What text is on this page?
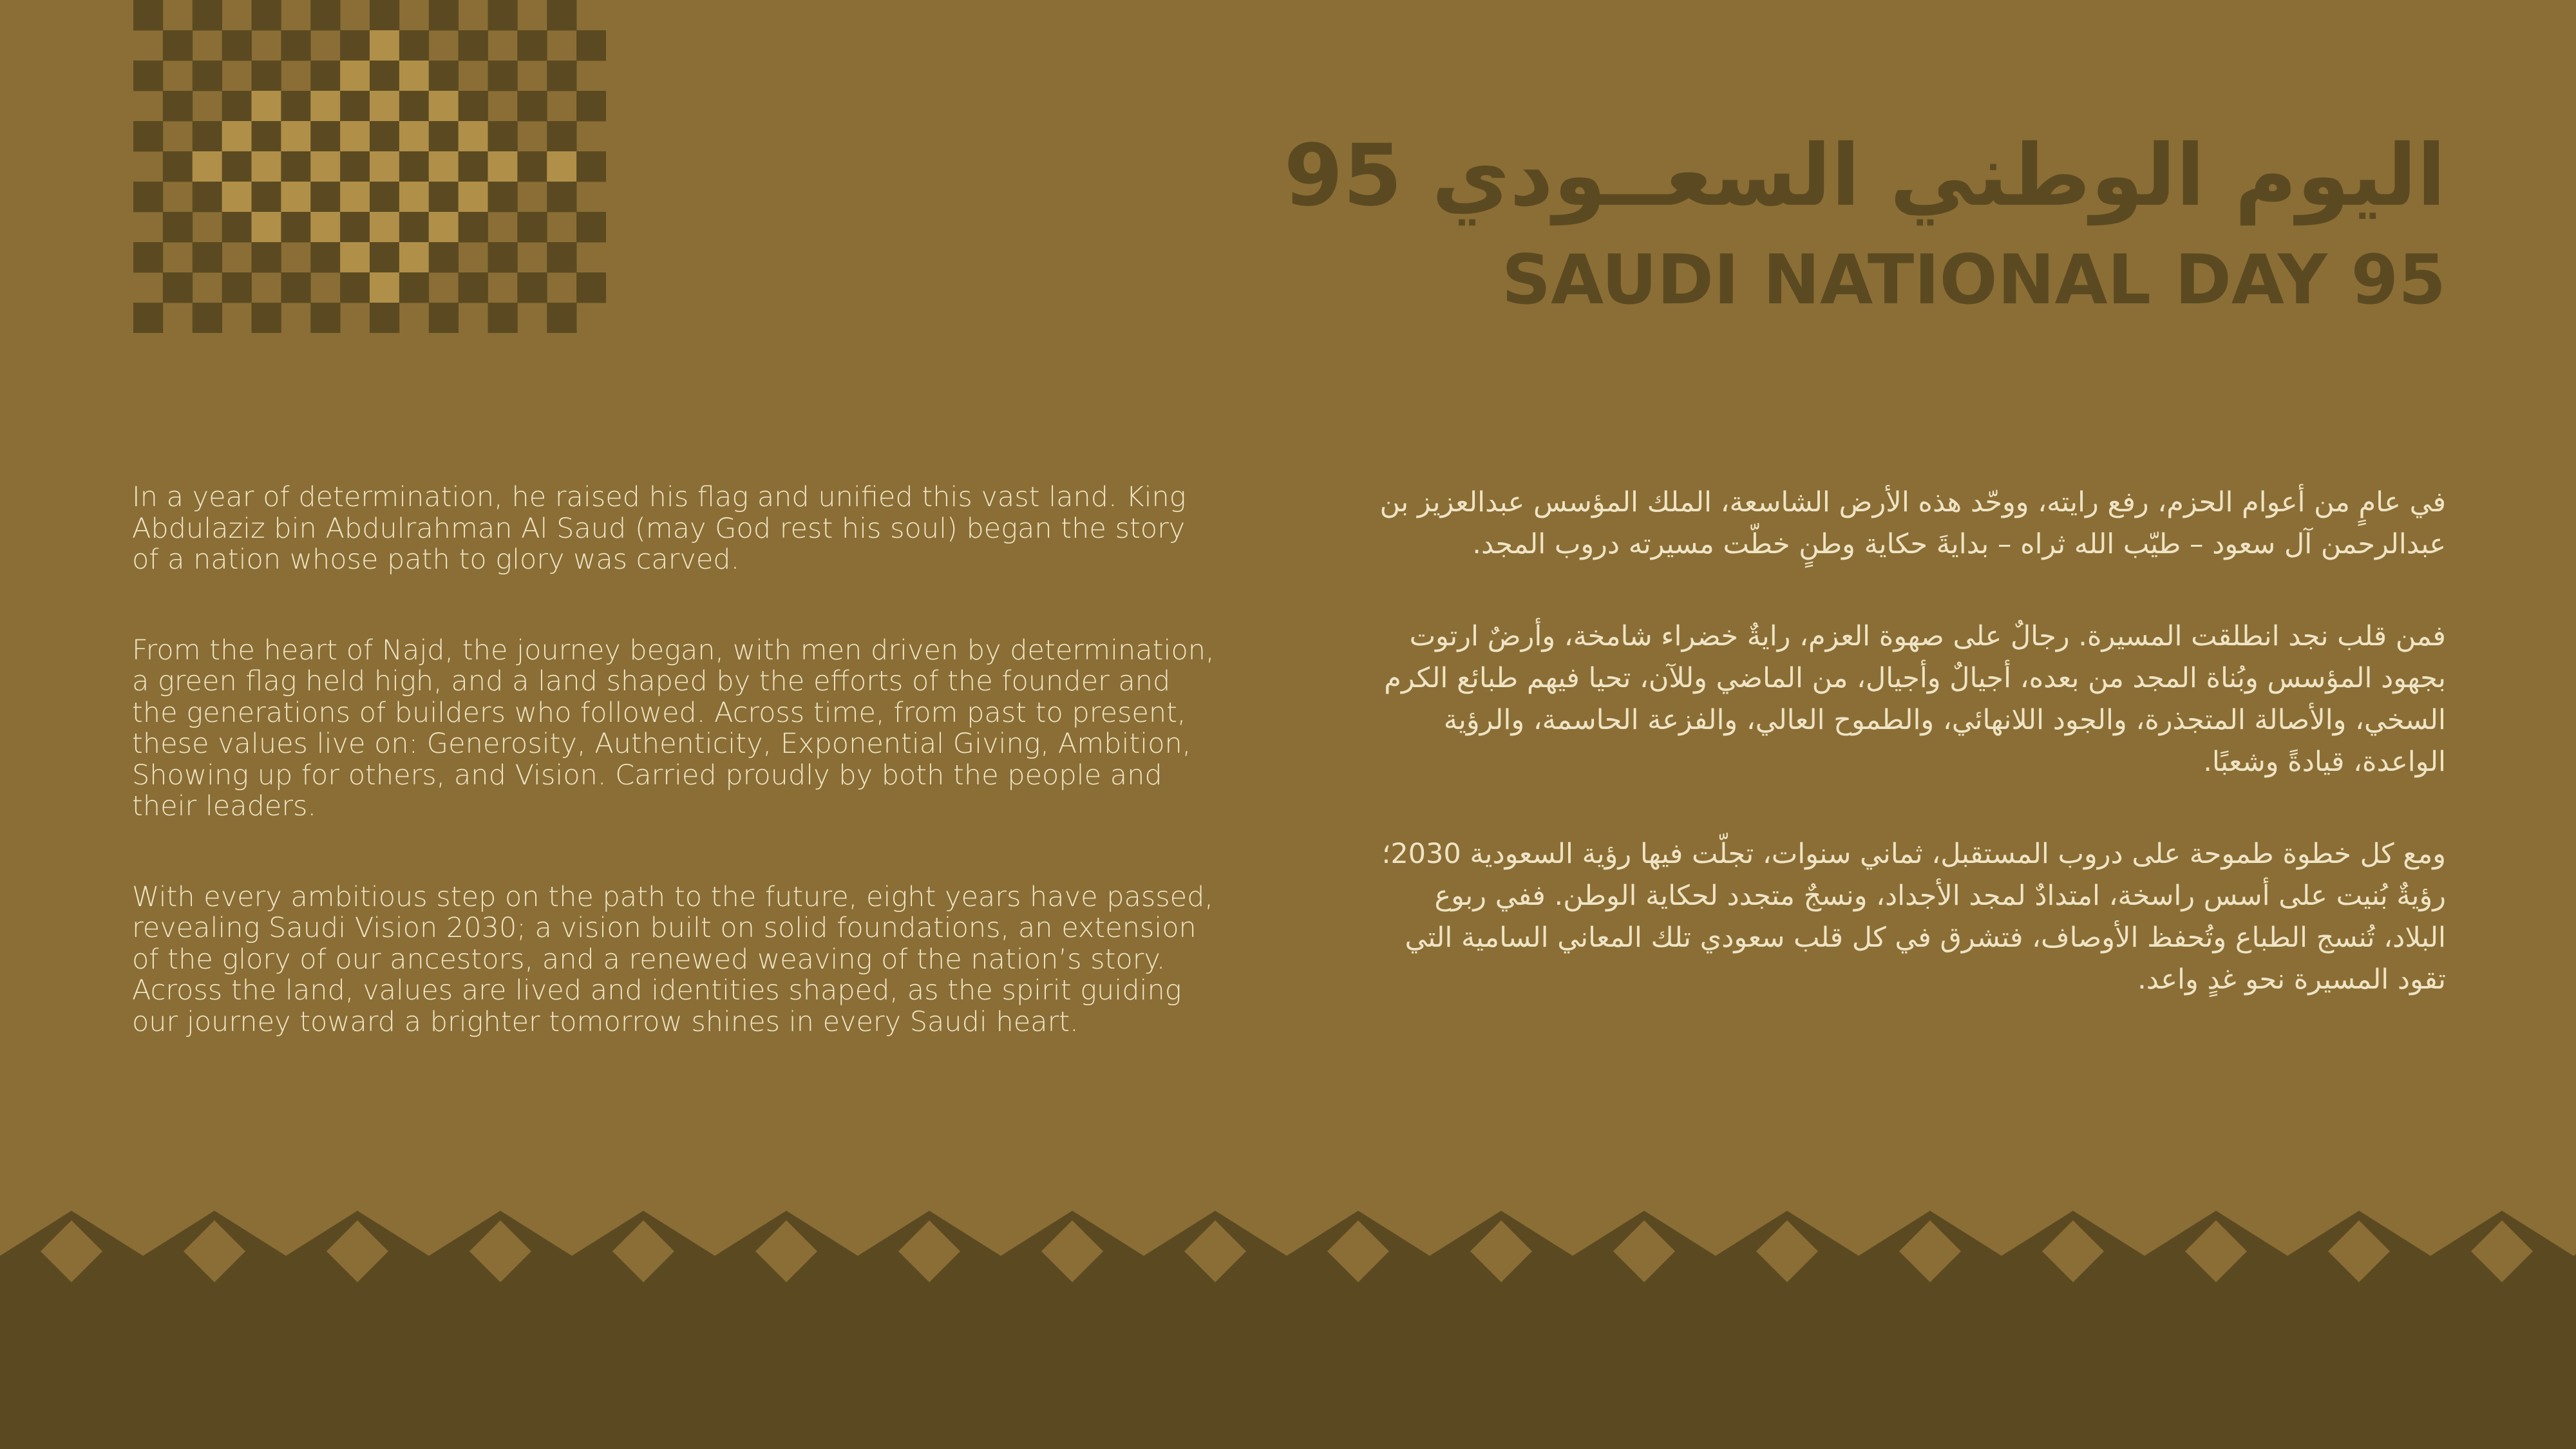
اليوم الوطني السعــودي 95
SAUDI NATIONAL DAY 95

In a year of determination, he raised his flag and unified this vast land. King Abdulaziz bin Abdulrahman Al Saud (may God rest his soul) began the story of a nation whose path to glory was carved.

From the heart of Najd, the journey began, with men driven by determination, a green flag held high, and a land shaped by the efforts of the founder and the generations of builders who followed. Across time, from past to present, these values live on: Generosity, Authenticity, Exponential Giving, Ambition, Showing up for others, and Vision. Carried proudly by both the people and their leaders.

With every ambitious step on the path to the future, eight years have passed, revealing Saudi Vision 2030; a vision built on solid foundations, an extension of the glory of our ancestors, and a renewed weaving of the nation’s story. Across the land, values are lived and identities shaped, as the spirit guiding our journey toward a brighter tomorrow shines in every Saudi heart.

في عامٍ من أعوام الحزم، رفع رايته، ووحّد هذه الأرض الشاسعة، الملك المؤسس عبدالعزيز بن عبدالرحمن آل سعود – طيّب الله ثراه – بدايةَ حكاية وطنٍ خطّت مسيرته دروب المجد.

فمن قلب نجد انطلقت المسيرة. رجالٌ على صهوة العزم، رايةٌ خضراء شامخة، وأرضٌ ارتوت بجهود المؤسس وبُناة المجد من بعده، أجيالٌ وأجيال، من الماضي وللآن، تحيا فيهم طبائع الكرم السخي، والأصالة المتجذرة، والجود اللانهائي، والطموح العالي، والفزعة الحاسمة، والرؤية الواعدة، قيادةً وشعبًا.

ومع كل خطوة طموحة على دروب المستقبل، ثماني سنوات، تجلّت فيها رؤية السعودية 2030؛ رؤيةٌ بُنيت على أسس راسخة، امتدادٌ لمجد الأجداد، ونسجٌ متجدد لحكاية الوطن. ففي ربوع البلاد، تُنسج الطباع وتُحفظ الأوصاف، فتشرق في كل قلب سعودي تلك المعاني السامية التي تقود المسيرة نحو غدٍ واعد.
